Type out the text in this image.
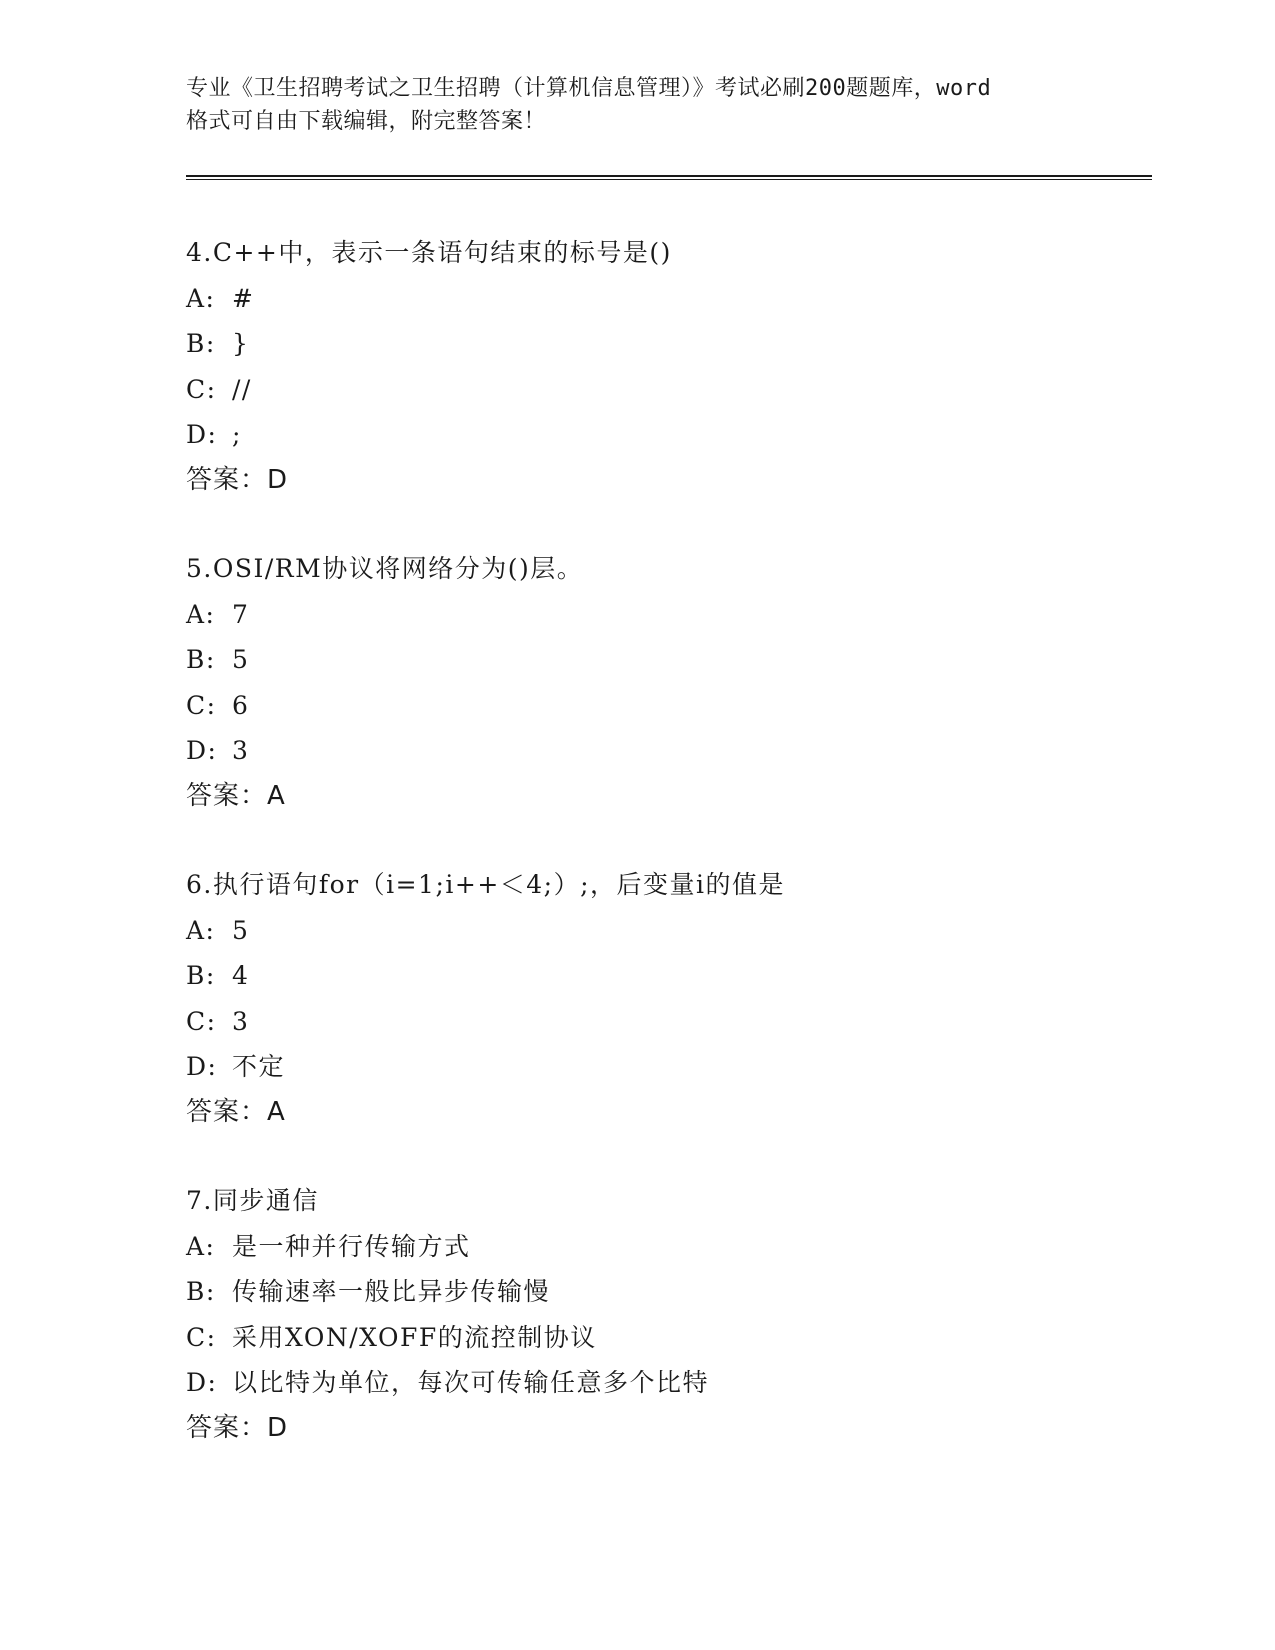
专业《卫生招聘考试之卫生招聘（计算机信息管理）》考试必刷200题题库，word

格式可自由下载编辑，附完整答案！

4.C++中，表示一条语句结束的标号是()
A: #
B: }
C: //
D: ;
答案：D
5.OSI/RM协议将网络分为()层。
A: 7
B: 5
C: 6
D: 3
答案：A
6.执行语句for（i=1;i++＜4;）;，后变量i的值是
A: 5
B: 4
C: 3
D: 不定
答案：A
7.同步通信
A: 是一种并行传输方式
B: 传输速率一般比异步传输慢
C: 采用XON/XOFF的流控制协议
D: 以比特为单位，每次可传输任意多个比特
答案：D
